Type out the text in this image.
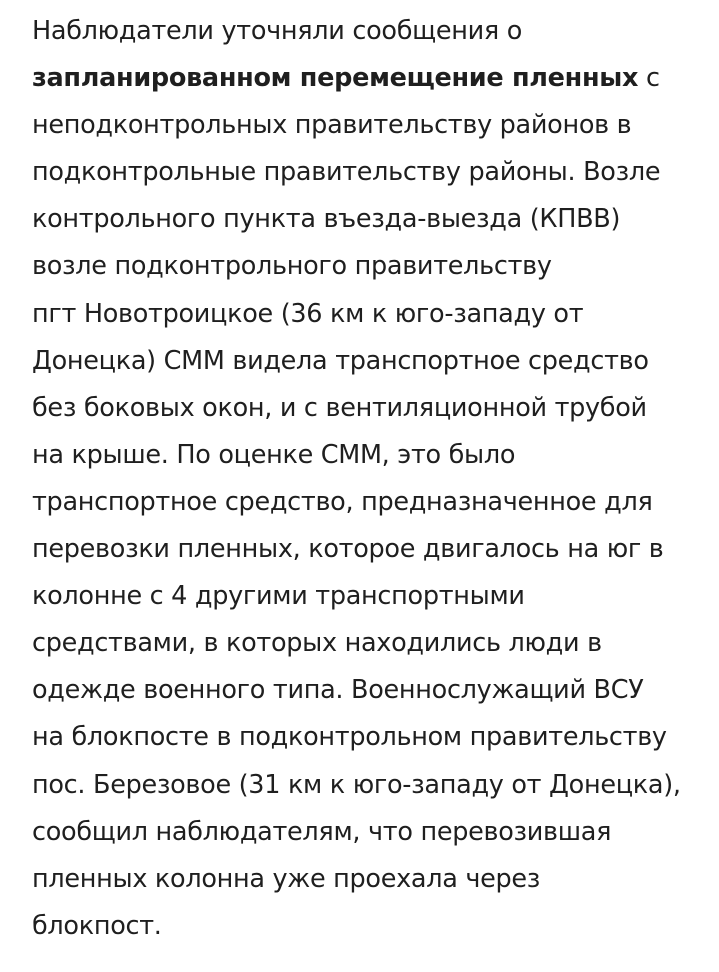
Наблюдатели уточняли сообщения о
запланированном перемещение пленных с
неподконтрольных правительству районов в
подконтрольные правительству районы. Возле
контрольного пункта въезда-выезда (КПВВ)
возле подконтрольного правительству
пгт Новотроицкое (36 км к юго-западу от
Донецка) СММ видела транспортное средство
без боковых окон, и с вентиляционной трубой
на крыше. По оценке СММ, это было
транспортное средство, предназначенное для
перевозки пленных, которое двигалось на юг в
колонне с 4 другими транспортными
средствами, в которых находились люди в
одежде военного типа. Военнослужащий ВСУ
на блокпосте в подконтрольном правительству
пос. Березовое (31 км к юго-западу от Донецка),
сообщил наблюдателям, что перевозившая
пленных колонна уже проехала через
блокпост.
